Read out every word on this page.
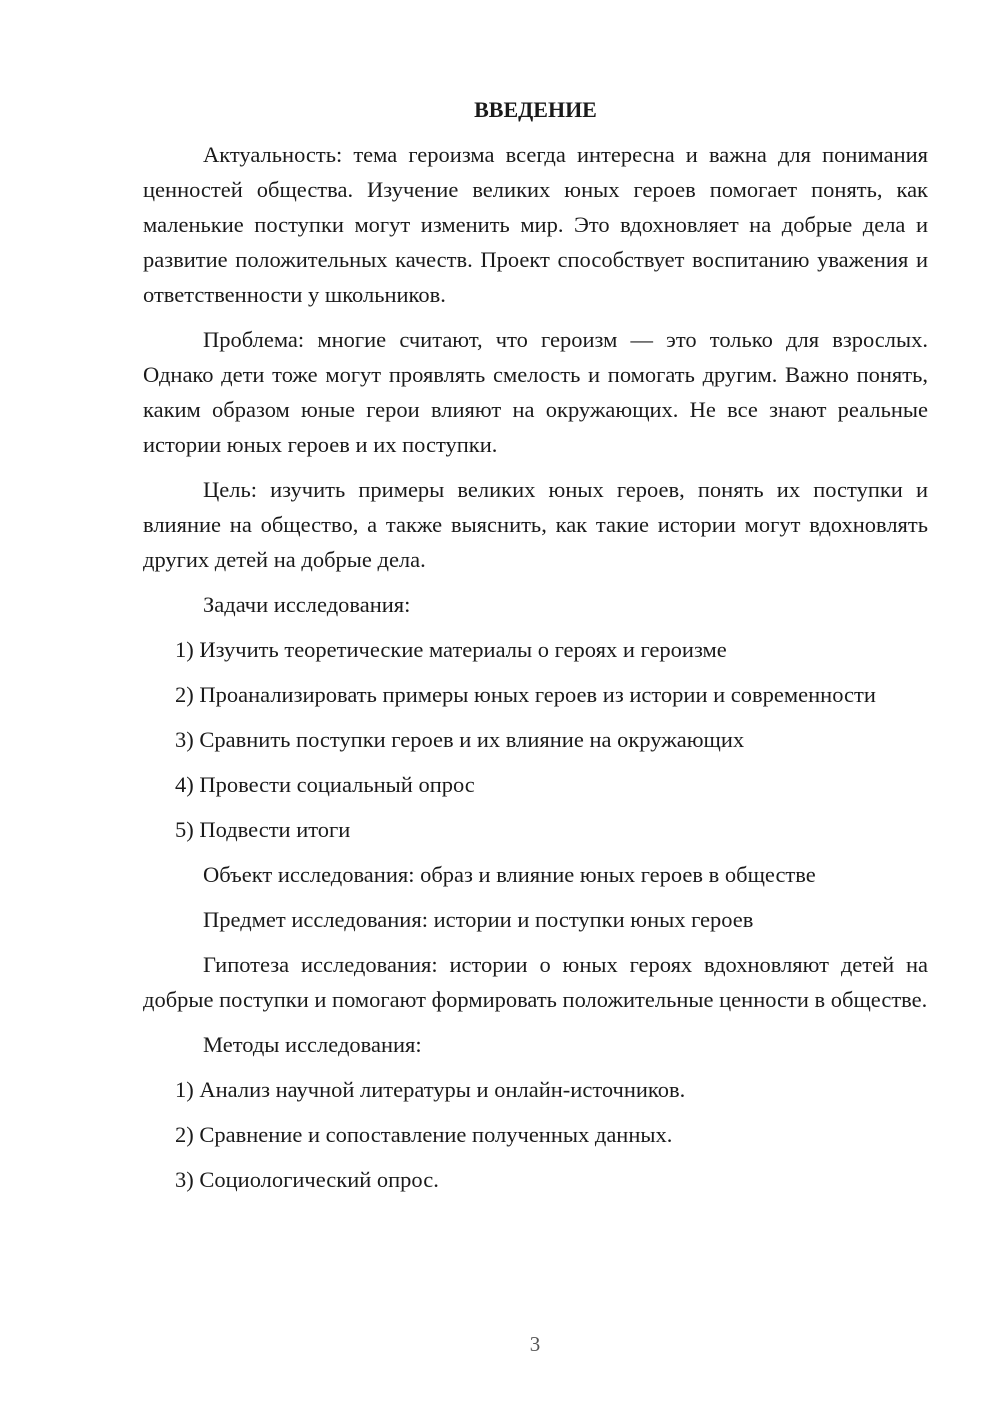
ВВЕДЕНИЕ

Актуальность: тема героизма всегда интересна и важна для понимания ценностей общества. Изучение великих юных героев помогает понять, как маленькие поступки могут изменить мир. Это вдохновляет на добрые дела и развитие положительных качеств. Проект способствует воспитанию уважения и ответственности у школьников.

Проблема: многие считают, что героизм — это только для взрослых. Однако дети тоже могут проявлять смелость и помогать другим. Важно понять, каким образом юные герои влияют на окружающих. Не все знают реальные истории юных героев и их поступки.

Цель: изучить примеры великих юных героев, понять их поступки и влияние на общество, а также выяснить, как такие истории могут вдохновлять других детей на добрые дела.

Задачи исследования:

1) Изучить теоретические материалы о героях и героизме

2) Проанализировать примеры юных героев из истории и современности

3) Сравнить поступки героев и их влияние на окружающих

4) Провести социальный опрос

5) Подвести итоги

Объект исследования: образ и влияние юных героев в обществе

Предмет исследования: истории и поступки юных героев

Гипотеза исследования: истории о юных героях вдохновляют детей на добрые поступки и помогают формировать положительные ценности в обществе.

Методы исследования:

1) Анализ научной литературы и онлайн-источников.

2) Сравнение и сопоставление полученных данных.

3) Социологический опрос.

3
